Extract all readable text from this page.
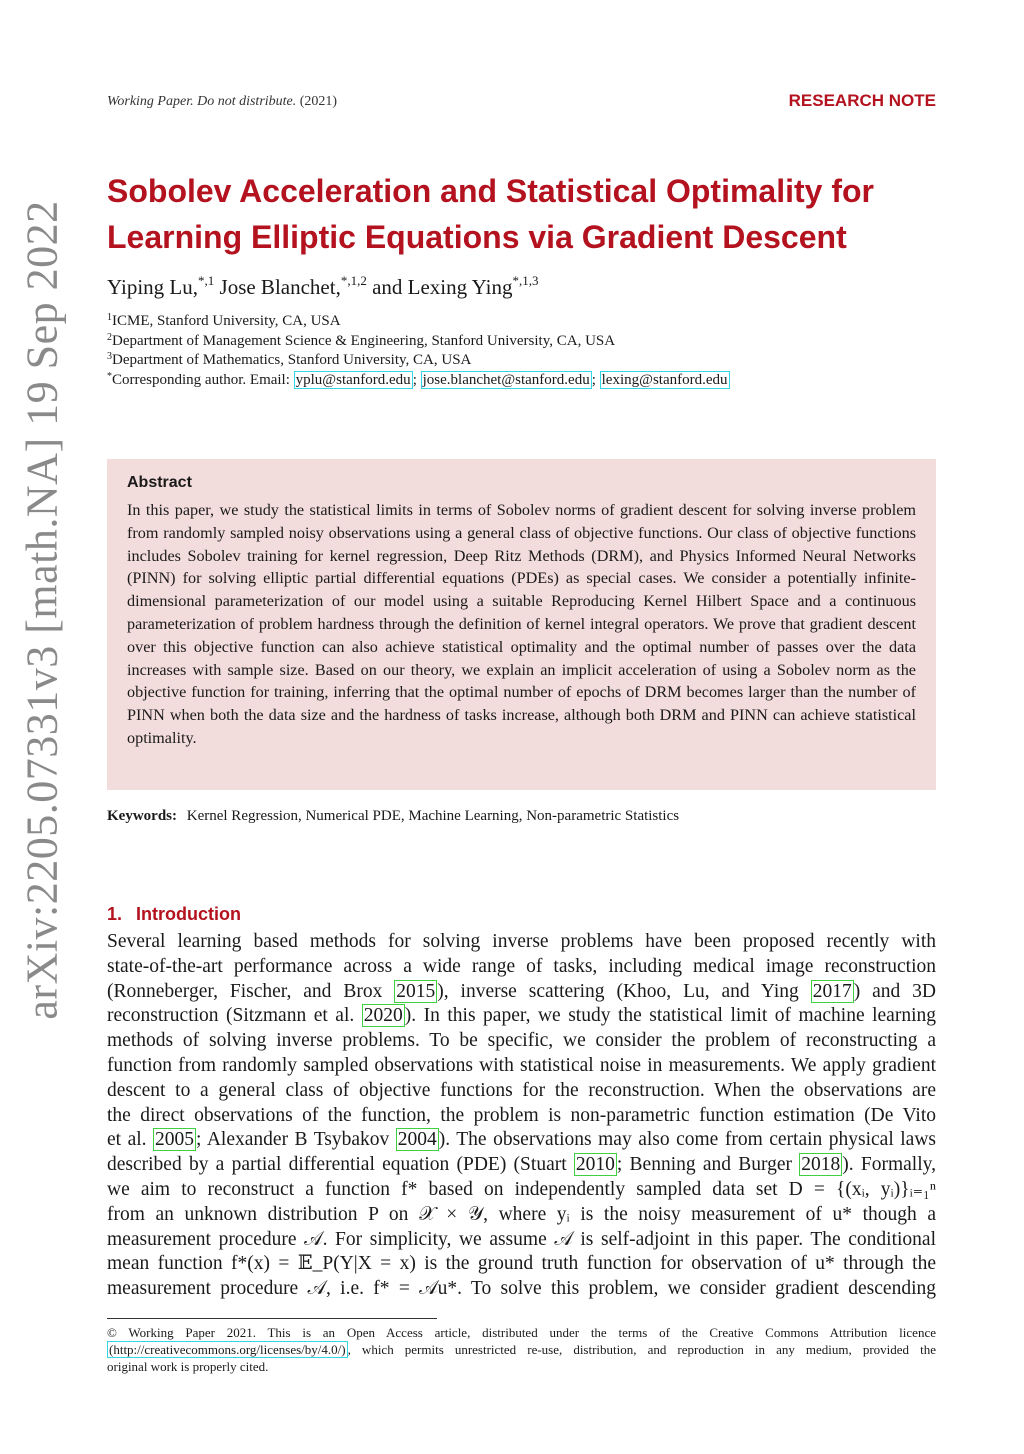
arXiv:2205.07331v3 [math.NA] 19 Sep 2022
Working Paper. Do not distribute. (2021)	RESEARCH NOTE
Sobolev Acceleration and Statistical Optimality for
Learning Elliptic Equations via Gradient Descent
Yiping Lu,$^{*,1}$ Jose Blanchet,$^{*,1,2}$ and Lexing Ying$^{*,1,3}$
$^1$ICME, Stanford University, CA, USA
$^2$Department of Management Science & Engineering, Stanford University, CA, USA
$^3$Department of Mathematics, Stanford University, CA, USA
*Corresponding author. Email: yplu@stanford.edu ; jose.blanchet@stanford.edu ; lexing@stanford.edu
Abstract
In this paper, we study the statistical limits in terms of Sobolev norms of gradient descent for solving inverse problem from randomly sampled noisy observations using a general class of objective functions. Our class of objective functions includes Sobolev training for kernel regression, Deep Ritz Methods (DRM), and Physics Informed Neural Networks (PINN) for solving elliptic partial differential equations (PDEs) as special cases. We consider a potentially infinite-dimensional parameterization of our model using a suitable Reproducing Kernel Hilbert Space and a continuous parameterization of problem hardness through the definition of kernel integral operators. We prove that gradient descent over this objective function can also achieve statistical optimality and the optimal number of passes over the data increases with sample size. Based on our theory, we explain an implicit acceleration of using a Sobolev norm as the objective function for training, inferring that the optimal number of epochs of DRM becomes larger than the number of PINN when both the data size and the hardness of tasks increase, although both DRM and PINN can achieve statistical optimality.
Keywords: Kernel Regression, Numerical PDE, Machine Learning, Non-parametric Statistics
1. Introduction
Several learning based methods for solving inverse problems have been proposed recently with
state-of-the-art performance across a wide range of tasks, including medical image reconstruction
(Ronneberger, Fischer, and Brox 2015 ), inverse scattering (Khoo, Lu, and Ying 2017 ) and 3D
reconstruction (Sitzmann et al. 2020 ). In this paper, we study the statistical limit of machine learning
methods of solving inverse problems. To be specific, we consider the problem of reconstructing a
function from randomly sampled observations with statistical noise in measurements. We apply gradient
descent to a general class of objective functions for the reconstruction. When the observations are
the direct observations of the function, the problem is non-parametric function estimation (De Vito
et al. 2005 ; Alexander B Tsybakov 2004 ). The observations may also come from certain physical laws
described by a partial differential equation (PDE) (Stuart 2010 ; Benning and Burger 2018 ). Formally,
we aim to reconstruct a function f* based on independently sampled data set D = {(xᵢ, yᵢ)}ᵢ₌₁ⁿ
from an unknown distribution P on 𝒳 × 𝒴, where yᵢ is the noisy measurement of u* though a
measurement procedure 𝒜. For simplicity, we assume 𝒜 is self-adjoint in this paper. The conditional
mean function f*(x) = 𝔼_P(Y|X = x) is the ground truth function for observation of u* through the
measurement procedure 𝒜, i.e. f* = 𝒜u*. To solve this problem, we consider gradient descending
© Working Paper 2021. This is an Open Access article, distributed under the terms of the Creative Commons Attribution licence
(http://creativecommons.org/licenses/by/4.0/) , which permits unrestricted re-use, distribution, and reproduction in any medium, provided the
original work is properly cited.
